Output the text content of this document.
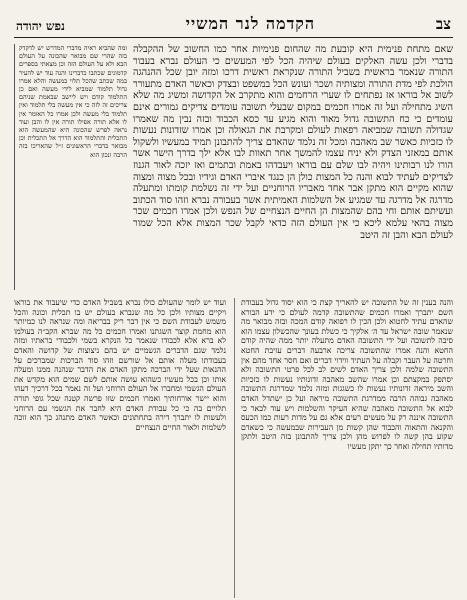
צב
הקדמה לנר המשיי
נפש יהודה

שאם מתחת פנימית היא קובעת מה שהחום פנימיות אחר כמו החשוב של ההקבלה בדברי ולכן עשה האלקים בעולם שיהיה הכל לפי המעשים כי העולם נברא בעבור התורה שנאמר בראשית בשביל התורה שנקראת ראשית דרכו ומזה יובן שכל ההנהגה הולכת לפי מדת התורה ומצותיה ושכר ועונש הכל במשפט ובצדק וכאשר האדם מתעורר לשוב אל בוראו אז נפתחים לו שערי הרחמים והוא מתקרב אל הקדושה ומשיג מה שלא השיג מתחילה ועל זה אמרו חכמים במקום שבעלי תשובה עומדים צדיקים גמורים אינם עומדים כי כח התשובה גדול מאוד והוא מגיע עד כסא הכבוד ובזה נבין מה שאמרו שגדולה תשובה שמביאה רפאות לעולם ומקרבת את הגאולה וכן אמרו שזדונות נעשות לו כזכיות כאשר שב מאהבה ומכל זה נלמד שהאדם צריך להתבונן תמיד במעשיו ולשקול אותם במאזני הצדק ולא יניח עצמו להמשך אחר תאוות לבו אלא ילך בדרך הישר אשר הורו לנו רבותינו ויהיה לבו שלם עם בוראו ויעבדהו באמת ובתמים ואז יזכה לאור הגנוז לצדיקים לעתיד לבוא והנה כל המצות כולן הן כנגד איברי האדם וגידיו ובכל מצוה ומצוה שהוא מקיים הוא מתקן אבר אחד מאבריו הרוחניים ועל ידי זה נשלמת קומתו ומתעלה מדרגה אל מדרגה עד שמגיע אל השלמות האמיתית אשר בעבורה נברא וזהו סוד הכתוב ועשיתם אותם וחי בהם שהמצות הן החיים הנצחיים של הנפש ולכן אמרו חכמים שכר מצוה בהאי עלמא ליכא כי אין העולם הזה כדאי לקבל שכר המצות אלא הכל שמור לעולם הבא והבן זה היטב

ומה שהביא ראיה מדברי המדרש יש לדקדק בזה שהרי שם מבואר שהכונה על העולם הבא ולא על העולם הזה וכן מצאתי בספרים קדמונים שכתבו כדברינו והנה עוד יש להעיר במה שכתב שהכל תלוי במעשה והלא אמרו גדול תלמוד שמביא לידי מעשה ואם כן התלמוד קודם ויש ליישב שבאמת שניהם צריכים זה לזה כי אין מעשה בלי תלמוד ואין תלמוד בלי מעשה ולכן אמרו כל האומר אין לו אלא תורה אפילו תורה אין לו והבן ועוד נראה לפרש שהכונה היא שהמעשה הוא התכלית והתלמוד הוא הדרך אל התכלית וכן מבואר בדברי הראשונים ז״ל שהאריכו בזה הרבה ונכון הוא

והנה בענין זה של התשובה יש להאריך קצת כי הוא יסוד גדול בעבודת השם יתברך ואמרו חכמים שהתשובה קדמה לעולם כי ידע הבורא שהאדם עתיד לחטוא ולכן הכין לו רפואה קודם המכה ובזה מבואר מה שנאמר שובה ישראל עד ה׳ אלקיך כי כשלת בעונך שהכשלון עצמו הוא סיבה לתשובה ועל ידי התשובה האדם מתעלה יותר ממה שהיה קודם החטא והנה אמרו שהתשובה צריכה ארבעה דברים עזיבת החטא וחרטה על העבר וקבלה על העתיד ווידוי דברים ואם חסר אחד מהם אין התשובה שלמה ולכן צריך האדם לשים לב לכל פרטי התשובה ולא יסתפק במקצתם וכן אמרו שהשב מאהבה זדונותיו נעשות לו כזכיות והשב מיראה זדונותיו נעשות לו כשגגות ומזה נלמד שמדרגת התשובה מאהבה גבוהה הרבה ממדרגת התשובה מיראה ועל כן ישתדל האדם לבוא אל התשובה מאהבה שהיא העיקר והשלמות ויש עוד לבאר כי התשובה איננה רק על מעשים רעים אלא גם על מדות רעות כמו הכעס והקנאה והתאוה והכבוד שהן קשות מן העבירות שבמעשה כי כשאדם שקוע בהן קשה לו לפרוש מהן ולכן צריך להתבונן בזה היטב ולתקן מדותיו תחילה ואחר כך יתקן מעשיו

ועוד יש לומר שהעולם כולו נברא בשביל האדם כדי שיעבוד את בוראו ויקיים מצותיו ולכן כל מה שנברא בעולם יש בו תכלית וכונה והכל משמש לעבודת השם כי אין דבר ריק בבריאה ומה שנראה לנו כמיותר הוא מחמת קוצר השגתנו ואמרו חכמים כל מה שברא הקב״ה בעולמו לא ברא אלא לכבודו שנאמר כל הנקרא בשמי ולכבודי בראתיו ומזה נלמד שגם הדברים הגשמיים יש בהם ניצוצות של קדושה והאדם בעבודתו מעלה אותם אל שורשם וזהו סוד הברכות שמברכים על ההנאות שעל ידי הברכה מתקן האדם את הדבר שנהנה ממנו ומעלה אותו וכן בכל מעשיו כשהוא עושה אותם לשם שמים הוא מקדש את העולם הגשמי ומחברו אל העולם הרוחני ועל זה נאמר בכל דרכיך דעהו והוא יישר אורחותיך ואמרו חכמים שזו פרשה קטנה שכל גופי תורה תלויים בה כי כל עבודת האדם היא לחבר את הגשמי עם הרוחני ולעשות לו יתברך דירה בתחתונים וכאשר האדם מתנהג כך הוא זוכה לשלמות ולאור החיים הנצחיים
